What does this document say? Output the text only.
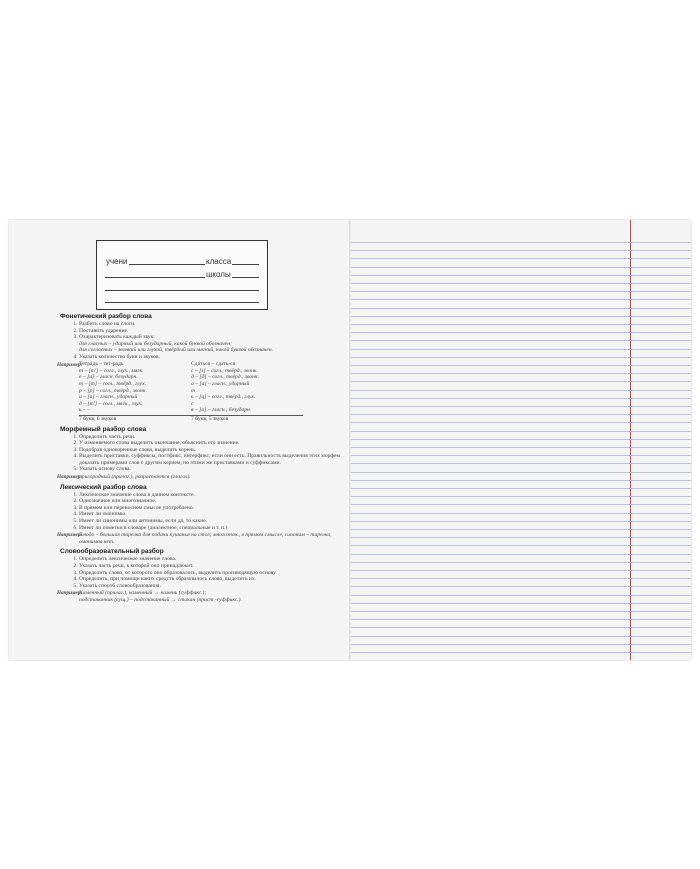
учени	класса
школы
Фонетический разбор слова
1. Разбить слово на слоги.
2. Поставить ударение.
3. Охарактеризовать каждый звук:
для гласных – ударный или безударный, какой буквой обозначен;
для согласных – звонкий или глухой, твёрдый или мягкий, какой буквой обозначен.
4. Указать количество букв и звуков.
Например:
Тетрáдь – тет-радь
т – [т'] – согл., глух., мягк.
е – [и] – гласн. безударн.
т – [т] – согл., твёрд., глух.
р – [р] – согл., твёрд., звонк.
а – [а] – гласн., ударный
д – [т'] – согл., мягк., глух.
ь – –
7 букв, 6 звуков
Сдáться – сдать-ся
с – [з] – согл., твёрд., звонк.
д – [д] – согл., твёрд., звонк.
а – [а] – гласн., ударный
т
ь – [ц] – согл., твёрд., глух.
с
я – [а] – гласн., безударн.
7 букв, 5 звуков
Морфемный разбор слова
1. Определить часть речи.
2. У изменяемого слова выделить окончание, объяснить его значение.
3. Подобрав однокоренные слова, выделить корень.
4. Выделить приставки, суффиксы, постфикс, интерфикс, если они есть. Правильность выделения этих морфем доказать примерами слов с другим корнем, но этими же приставками и суффиксами.
5. Указать основу слова.
Например:
пригородный (прилаг.), разрастается (глагол).
Лексический разбор слова
1. Лексическое значение слова в данном контексте.
2. Однозначное или многозначное.
3. В прямом или переносном смысле употреблено.
4. Имеет ли омонимы.
5. Имеет ли синонимы или антонимы, если да, то какие.
6. Имеет ли пометки в словаре (диалектное, специальные и т. п.)
Например:
Блюдо – большая тарелка для подачи кушанья на стол; многознач., в прямом смысле, синоним – тарелка, омонимов нет.
Словообразовательный разбор
1. Определить лексическое значение слова.
2. Указать часть речи, к которой оно принадлежит.
3. Определить слово, от которого оно образовалось, выделить производящую основу.
4. Определить, при помощи каких средств образовалось слово, выделить их.
5. Указать способ словообразования.
Например:
Каменный (прилаг.), каменный → камень (суффикс.);
подстаканник (сущ.) – подстаканный → стакан (прист.-суффикс.).
